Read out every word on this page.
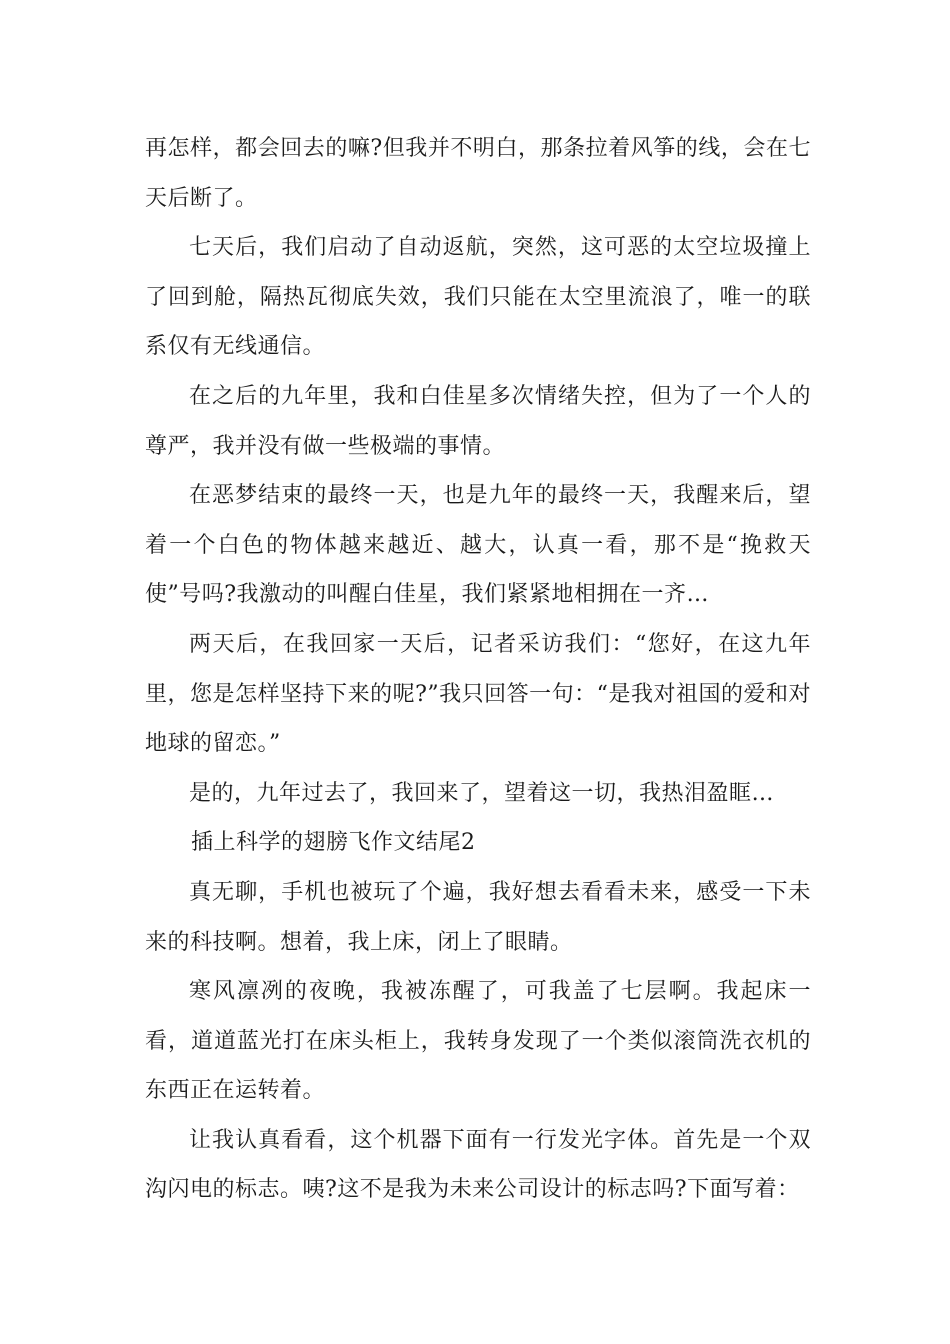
再怎样，都会回去的嘛?但我并不明白，那条拉着风筝的线，会在七天后断了。

七天后，我们启动了自动返航，突然，这可恶的太空垃圾撞上了回到舱，隔热瓦彻底失效，我们只能在太空里流浪了，唯一的联系仅有无线通信。

在之后的九年里，我和白佳星多次情绪失控，但为了一个人的尊严，我并没有做一些极端的事情。

在恶梦结束的最终一天，也是九年的最终一天，我醒来后，望着一个白色的物体越来越近、越大，认真一看，那不是“挽救天使”号吗?我激动的叫醒白佳星，我们紧紧地相拥在一齐…

两天后，在我回家一天后，记者采访我们：“您好，在这九年里，您是怎样坚持下来的呢?”我只回答一句：“是我对祖国的爱和对地球的留恋。”

是的，九年过去了，我回来了，望着这一切，我热泪盈眶…

插上科学的翅膀飞作文结尾2

真无聊，手机也被玩了个遍，我好想去看看未来，感受一下未来的科技啊。想着，我上床，闭上了眼睛。

寒风凛冽的夜晚，我被冻醒了，可我盖了七层啊。我起床一看，道道蓝光打在床头柜上，我转身发现了一个类似滚筒洗衣机的东西正在运转着。

让我认真看看，这个机器下面有一行发光字体。首先是一个双沟闪电的标志。咦?这不是我为未来公司设计的标志吗?下面写着：
